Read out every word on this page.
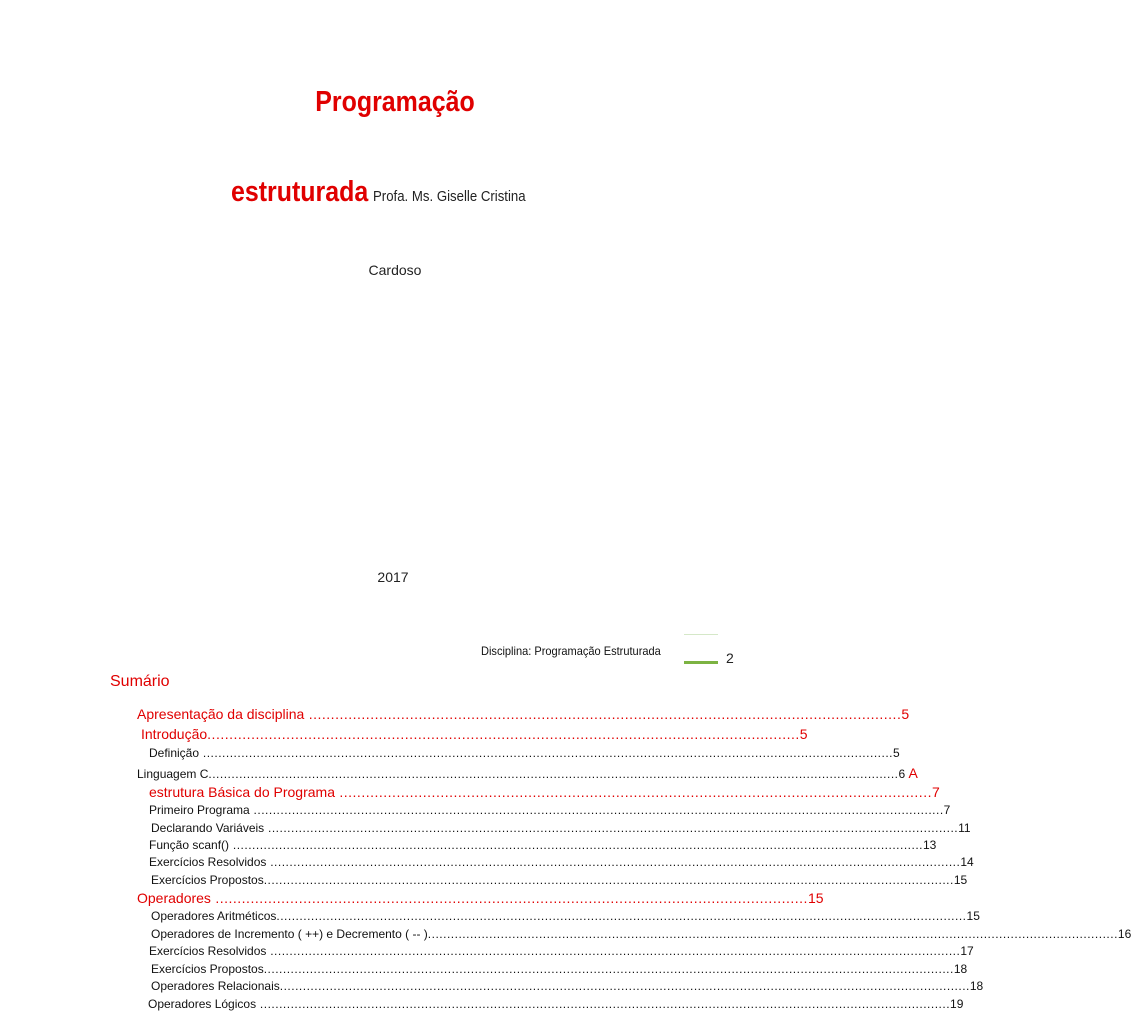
Programação
estruturada Profa. Ms. Giselle Cristina
Cardoso
2017
Disciplina: Programação Estruturada	2
Sumário
Apresentação da disciplina ....................................................................................................................................... 5
Introdução ....................................................................................................................................... 5
Definição .................................................................................................................................................................................... 5
Linguagem C .................................................................................................................................................................................... 6 A
estrutura Básica do Programa ....................................................................................................................................... 7
Primeiro Programa .................................................................................................................................................................................... 7
Declarando Variáveis .................................................................................................................................................................................... 11
Função scanf() .................................................................................................................................................................................... 13
Exercícios Resolvidos .................................................................................................................................................................................... 14
Exercícios Propostos .................................................................................................................................................................................... 15
Operadores ....................................................................................................................................... 15
Operadores Aritméticos .................................................................................................................................................................................... 15
Operadores de Incremento ( ++) e Decremento ( -- ) .................................................................................................................................................................................... 16
Exercícios Resolvidos .................................................................................................................................................................................... 17
Exercícios Propostos .................................................................................................................................................................................... 18
Operadores Relacionais .................................................................................................................................................................................... 18
Operadores Lógicos .................................................................................................................................................................................... 19
